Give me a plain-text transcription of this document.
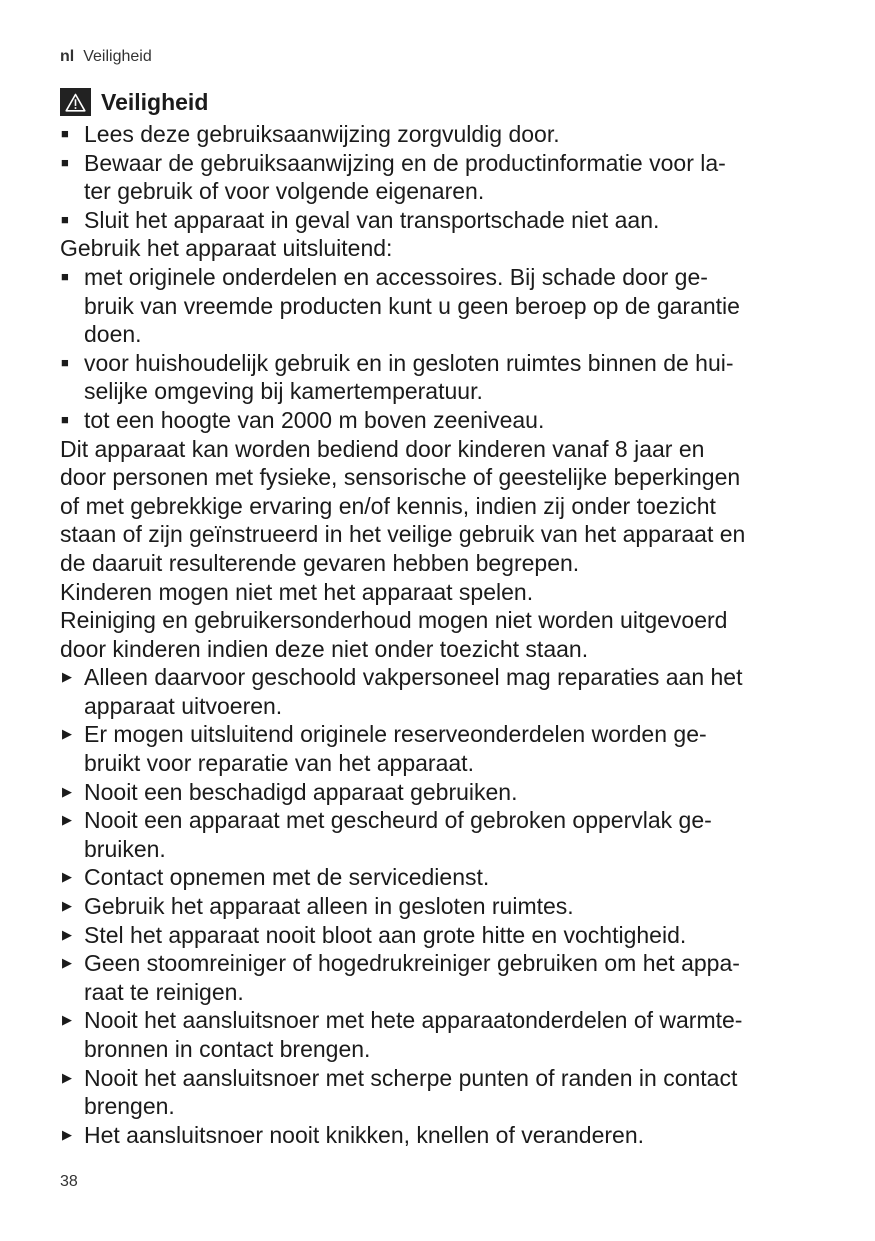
nl Veiligheid
Veiligheid
■ Lees deze gebruiksaanwijzing zorgvuldig door.
■ Bewaar de gebruiksaanwijzing en de productinformatie voor la-
ter gebruik of voor volgende eigenaren.
■ Sluit het apparaat in geval van transportschade niet aan.

Gebruik het apparaat uitsluitend:

■ met originele onderdelen en accessoires. Bij schade door ge-
bruik van vreemde producten kunt u geen beroep op de garantie
doen.
■ voor huishoudelijk gebruik en in gesloten ruimtes binnen de hui-
selijke omgeving bij kamertemperatuur.
■ tot een hoogte van 2000 m boven zeeniveau.

Dit apparaat kan worden bediend door kinderen vanaf 8 jaar en
door personen met fysieke, sensorische of geestelijke beperkingen
of met gebrekkige ervaring en/of kennis, indien zij onder toezicht
staan of zijn geïnstrueerd in het veilige gebruik van het apparaat en
de daaruit resulterende gevaren hebben begrepen.

Kinderen mogen niet met het apparaat spelen.

Reiniging en gebruikersonderhoud mogen niet worden uitgevoerd
door kinderen indien deze niet onder toezicht staan.

▶ Alleen daarvoor geschoold vakpersoneel mag reparaties aan het
apparaat uitvoeren.
▶ Er mogen uitsluitend originele reserveonderdelen worden ge-
bruikt voor reparatie van het apparaat.
▶ Nooit een beschadigd apparaat gebruiken.
▶ Nooit een apparaat met gescheurd of gebroken oppervlak ge-
bruiken.
▶ Contact opnemen met de servicedienst.
▶ Gebruik het apparaat alleen in gesloten ruimtes.
▶ Stel het apparaat nooit bloot aan grote hitte en vochtigheid.
▶ Geen stoomreiniger of hogedrukreiniger gebruiken om het appa-
raat te reinigen.
▶ Nooit het aansluitsnoer met hete apparaatonderdelen of warmte-
bronnen in contact brengen.
▶ Nooit het aansluitsnoer met scherpe punten of randen in contact
brengen.
▶ Het aansluitsnoer nooit knikken, knellen of veranderen.
38
